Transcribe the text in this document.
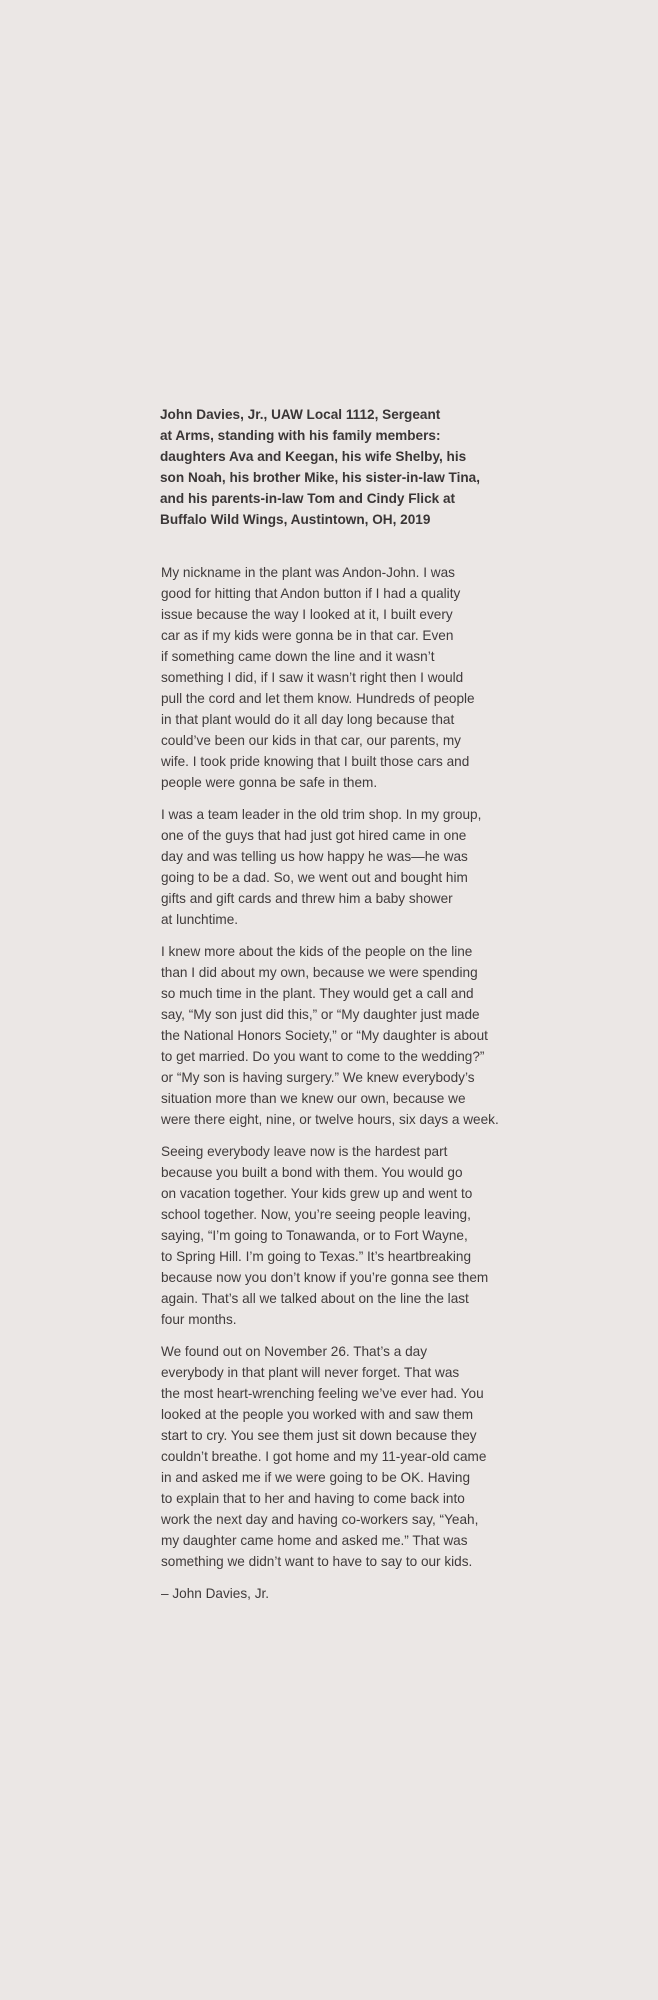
John Davies, Jr., UAW Local 1112, Sergeant
at Arms, standing with his family members:
daughters Ava and Keegan, his wife Shelby, his
son Noah, his brother Mike, his sister-in-law Tina,
and his parents-in-law Tom and Cindy Flick at
Buffalo Wild Wings, Austintown, OH, 2019

My nickname in the plant was Andon-John. I was
good for hitting that Andon button if I had a quality
issue because the way I looked at it, I built every
car as if my kids were gonna be in that car. Even
if something came down the line and it wasn’t
something I did, if I saw it wasn’t right then I would
pull the cord and let them know. Hundreds of people
in that plant would do it all day long because that
could’ve been our kids in that car, our parents, my
wife. I took pride knowing that I built those cars and
people were gonna be safe in them.

I was a team leader in the old trim shop. In my group,
one of the guys that had just got hired came in one
day and was telling us how happy he was—he was
going to be a dad. So, we went out and bought him
gifts and gift cards and threw him a baby shower
at lunchtime.

I knew more about the kids of the people on the line
than I did about my own, because we were spending
so much time in the plant. They would get a call and
say, “My son just did this,” or “My daughter just made
the National Honors Society,” or “My daughter is about
to get married. Do you want to come to the wedding?”
or “My son is having surgery.” We knew everybody’s
situation more than we knew our own, because we
were there eight, nine, or twelve hours, six days a week.

Seeing everybody leave now is the hardest part
because you built a bond with them. You would go
on vacation together. Your kids grew up and went to
school together. Now, you’re seeing people leaving,
saying, “I’m going to Tonawanda, or to Fort Wayne,
to Spring Hill. I’m going to Texas.” It’s heartbreaking
because now you don’t know if you’re gonna see them
again. That’s all we talked about on the line the last
four months.

We found out on November 26. That’s a day
everybody in that plant will never forget. That was
the most heart-wrenching feeling we’ve ever had. You
looked at the people you worked with and saw them
start to cry. You see them just sit down because they
couldn’t breathe. I got home and my 11-year-old came
in and asked me if we were going to be OK. Having
to explain that to her and having to come back into
work the next day and having co-workers say, “Yeah,
my daughter came home and asked me.” That was
something we didn’t want to have to say to our kids.

– John Davies, Jr.
